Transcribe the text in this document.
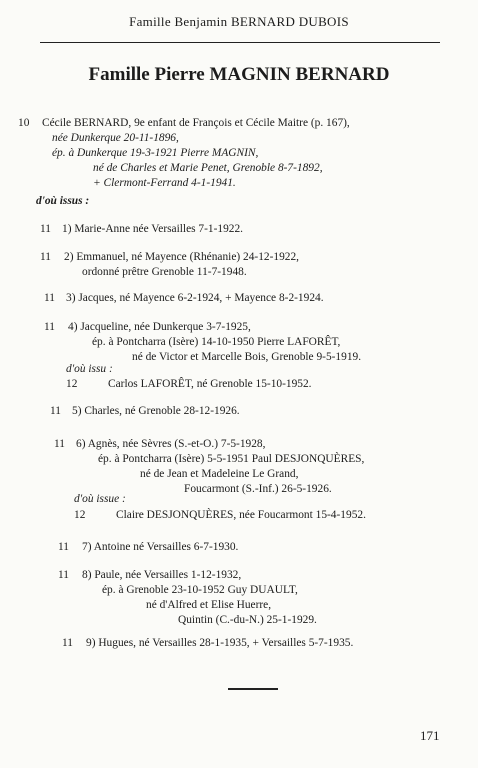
Famille Benjamin BERNARD DUBOIS
Famille Pierre MAGNIN BERNARD
10 Cécile BERNARD, 9e enfant de François et Cécile Maitre (p. 167),
née Dunkerque 20-11-1896,
ép. à Dunkerque 19-3-1921 Pierre MAGNIN,
né de Charles et Marie Penet, Grenoble 8-7-1892,
+ Clermont-Ferrand 4-1-1941.
d'où issus :
11 1) Marie-Anne née Versailles 7-1-1922.
11 2) Emmanuel, né Mayence (Rhénanie) 24-12-1922,
ordonné prêtre Grenoble 11-7-1948.
11 3) Jacques, né Mayence 6-2-1924, + Mayence 8-2-1924.
11 4) Jacqueline, née Dunkerque 3-7-1925,
ép. à Pontcharra (Isère) 14-10-1950 Pierre LAFORÊT,
né de Victor et Marcelle Bois, Grenoble 9-5-1919.
d'où issu :
12	Carlos LAFORÊT, né Grenoble 15-10-1952.
11 5) Charles, né Grenoble 28-12-1926.
11 6) Agnès, née Sèvres (S.-et-O.) 7-5-1928,
ép. à Pontcharra (Isère) 5-5-1951 Paul DESJONQUÈRES,
né de Jean et Madeleine Le Grand,
Foucarmont (S.-Inf.) 26-5-1926.
d'où issue :
12	Claire DESJONQUÈRES, née Foucarmont 15-4-1952.
11 7) Antoine né Versailles 6-7-1930.
11 8) Paule, née Versailles 1-12-1932,
ép. à Grenoble 23-10-1952 Guy DUAULT,
né d'Alfred et Elise Huerre,
Quintin (C.-du-N.) 25-1-1929.
11 9) Hugues, né Versailles 28-1-1935, + Versailles 5-7-1935.
171
